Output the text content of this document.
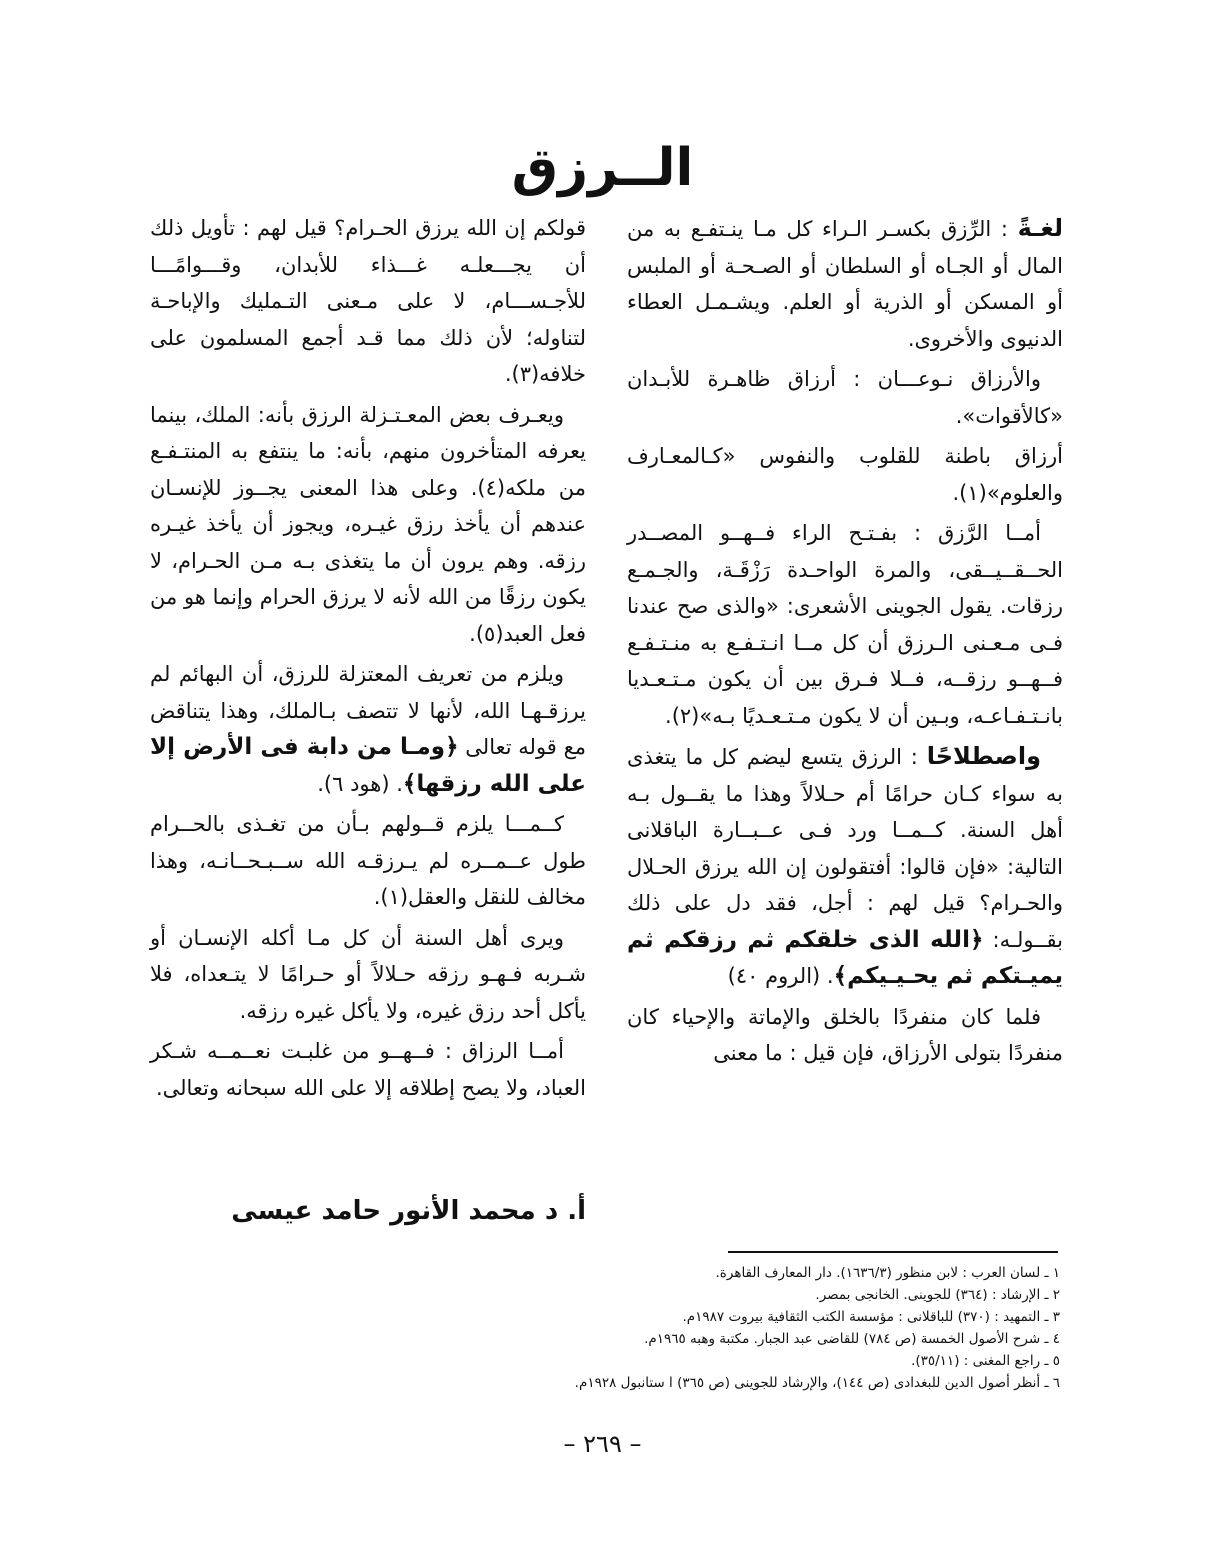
الــرزق

لغـةً : الرِّزق بكسـر الـراء كل مـا ينـتفـع به من المال أو الجـاه أو السلطان أو الصـحـة أو الملبس أو المسكن أو الذرية أو العلم. ويشـمـل العطاء الدنيوى والأخروى.

والأرزاق نـوعـــان : أرزاق ظاهـرة للأبـدان «كالأقوات».

أرزاق باطنة للقلوب والنفوس «كـالمعـارف والعلوم»(١).

أمــا الرَّزق : بفـتـح الراء فــهــو المصــدر الحــقــيــقى، والمرة الواحـدة رَزْقَـة، والجـمـع رزقات. يقول الجوينى الأشعرى: «والذى صح عندنا فـى مـعـنى الـرزق أن كل مــا انـتـفـع به منـتـفـع فــهــو رزقــه، فــلا فـرق بين أن يكون مـتـعـديا بانـتـفـاعـه، وبـين أن لا يكون مـتـعـديًا بـه»(٢).

واصطلاحًا : الرزق يتسع ليضم كل ما يتغذى به سواء كـان حرامًا أم حـلالاً وهذا ما يقــول بـه أهل السنة. كــمــا ورد فـى عــبــارة الباقلانى التالية: «فإن قالوا: أفتقولون إن الله يرزق الحـلال والحـرام؟ قيل لهم : أجل، فقد دل على ذلك بقــولـه: ﴿الله الذى خلقكم ثم رزقكم ثم يميـتكم ثم يحـيـيكم﴾. (الروم ٤٠)

فلما كان منفردًا بالخلق والإماتة والإحياء كان منفردًا بتولى الأرزاق، فإن قيل : ما معنى

قولكم إن الله يرزق الحـرام؟ قيل لهم : تأويل ذلك أن يجـــعلـه غـــذاء للأبدان، وقـــوامًـــا للأجـســـام، لا على مـعنى التـمليك والإباحـة لتناوله؛ لأن ذلك مما قـد أجمع المسلمون على خلافه(٣).

ويعـرف بعض المعـتـزلة الرزق بأنه: الملك، بينما يعرفه المتأخرون منهم، بأنه: ما ينتفع به المنتـفـع من ملكه(٤). وعلى هذا المعنى يجــوز للإنسـان عندهم أن يأخذ رزق غيـره، ويجوز أن يأخذ غيـره رزقه. وهم يرون أن ما يتغذى بـه مـن الحـرام، لا يكون رزقًا من الله لأنه لا يرزق الحرام وإنما هو من فعل العبد(٥).

ويلزم من تعريف المعتزلة للرزق، أن البهائم لم يرزقـهـا الله، لأنها لا تتصف بـالملك، وهذا يتناقض مع قوله تعالى ﴿ومـا من دابة فى الأرض إلا على الله رزقها﴾. (هود ٦).

كــمـــا يلزم قــولهم بـأن من تغـذى بالحــرام طول عــمــره لم يـرزقـه الله ســبـحــانـه، وهذا مخالف للنقل والعقل(١).

ويرى أهل السنة أن كل مـا أكله الإنسـان أو شـربه فـهـو رزقه حـلالاً أو حـرامًا لا يتـعداه، فلا يأكل أحد رزق غيره، ولا يأكل غيره رزقه.

أمــا الرزاق : فــهــو من غلبـت نعــمــه شـكر العباد، ولا يصح إطلاقه إلا على الله سبحانه وتعالى.

أ. د محمد الأنور حامد عيسى

١ ـ لسان العرب : لابن منظور (١٦٣٦/٣). دار المعارف القاهرة.
٢ ـ الإرشاد : (٣٦٤) للجوينى. الخانجى بمصر.
٣ ـ التمهيد : (٣٧٠) للباقلانى : مؤسسة الكتب الثقافية بيروت ١٩٨٧م.
٤ ـ شرح الأصول الخمسة (ص ٧٨٤) للقاضى عبد الجبار. مكتبة وهبه ١٩٦٥م.
٥ ـ راجع المغنى : (٣٥/١١).
٦ ـ أنظر أصول الدين للبغدادى (ص ١٤٤)، والإرشاد للجوينى (ص ٣٦٥) ا ستانبول ١٩٢٨م.

– ٢٦٩ –
